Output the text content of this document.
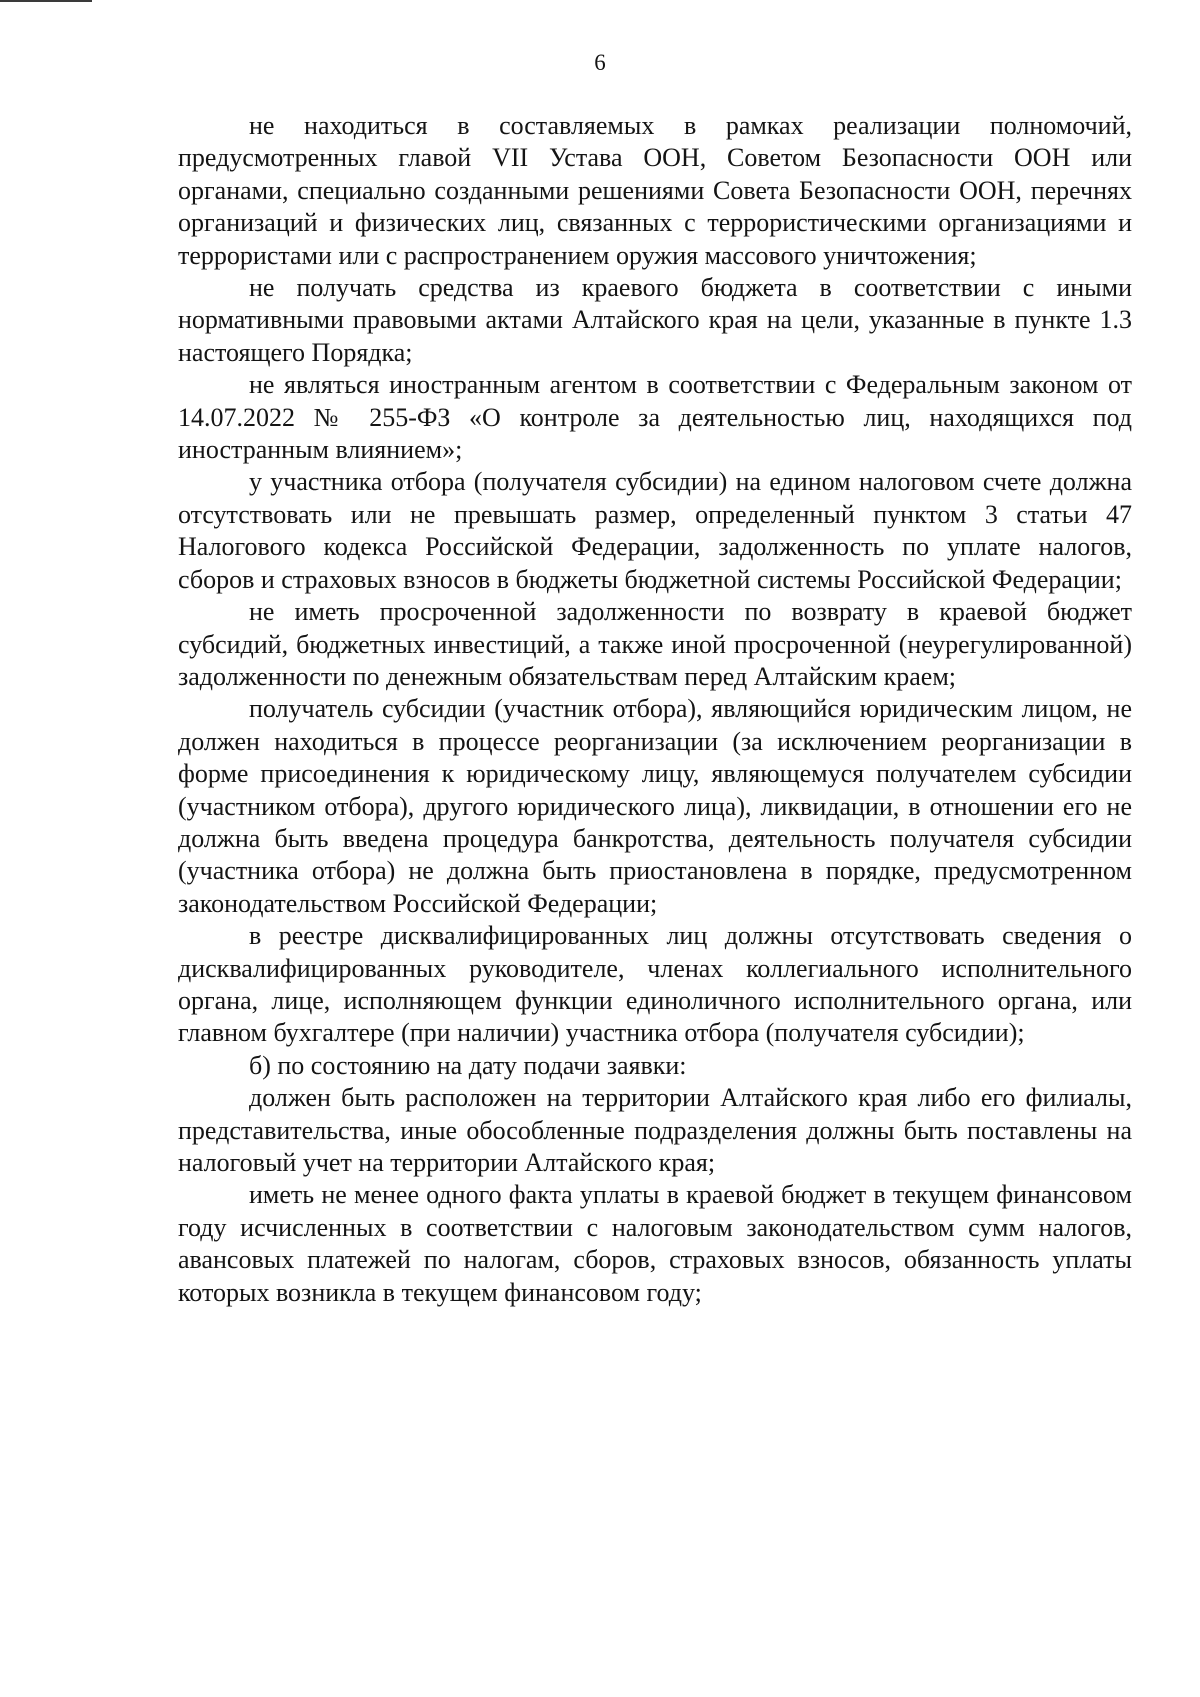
6

не находиться в составляемых в рамках реализации полномочий, предусмотренных главой VII Устава ООН, Советом Безопасности ООН или органами, специально созданными решениями Совета Безопасности ООН, перечнях организаций и физических лиц, связанных с террористическими организациями и террористами или с распространением оружия массового уничтожения;

не получать средства из краевого бюджета в соответствии с иными нормативными правовыми актами Алтайского края на цели, указанные в пункте 1.3 настоящего Порядка;

не являться иностранным агентом в соответствии с Федеральным законом от 14.07.2022 № 255-ФЗ «О контроле за деятельностью лиц, находящихся под иностранным влиянием»;

у участника отбора (получателя субсидии) на едином налоговом счете должна отсутствовать или не превышать размер, определенный пунктом 3 статьи 47 Налогового кодекса Российской Федерации, задолженность по уплате налогов, сборов и страховых взносов в бюджеты бюджетной системы Российской Федерации;

не иметь просроченной задолженности по возврату в краевой бюджет субсидий, бюджетных инвестиций, а также иной просроченной (неурегулированной) задолженности по денежным обязательствам перед Алтайским краем;

получатель субсидии (участник отбора), являющийся юридическим лицом, не должен находиться в процессе реорганизации (за исключением реорганизации в форме присоединения к юридическому лицу, являющемуся получателем субсидии (участником отбора), другого юридического лица), ликвидации, в отношении его не должна быть введена процедура банкротства, деятельность получателя субсидии (участника отбора) не должна быть приостановлена в порядке, предусмотренном законодательством Российской Федерации;

в реестре дисквалифицированных лиц должны отсутствовать сведения о дисквалифицированных руководителе, членах коллегиального исполнительного органа, лице, исполняющем функции единоличного исполнительного органа, или главном бухгалтере (при наличии) участника отбора (получателя субсидии);

б) по состоянию на дату подачи заявки:

должен быть расположен на территории Алтайского края либо его филиалы, представительства, иные обособленные подразделения должны быть поставлены на налоговый учет на территории Алтайского края;

иметь не менее одного факта уплаты в краевой бюджет в текущем финансовом году исчисленных в соответствии с налоговым законодательством сумм налогов, авансовых платежей по налогам, сборов, страховых взносов, обязанность уплаты которых возникла в текущем финансовом году;
